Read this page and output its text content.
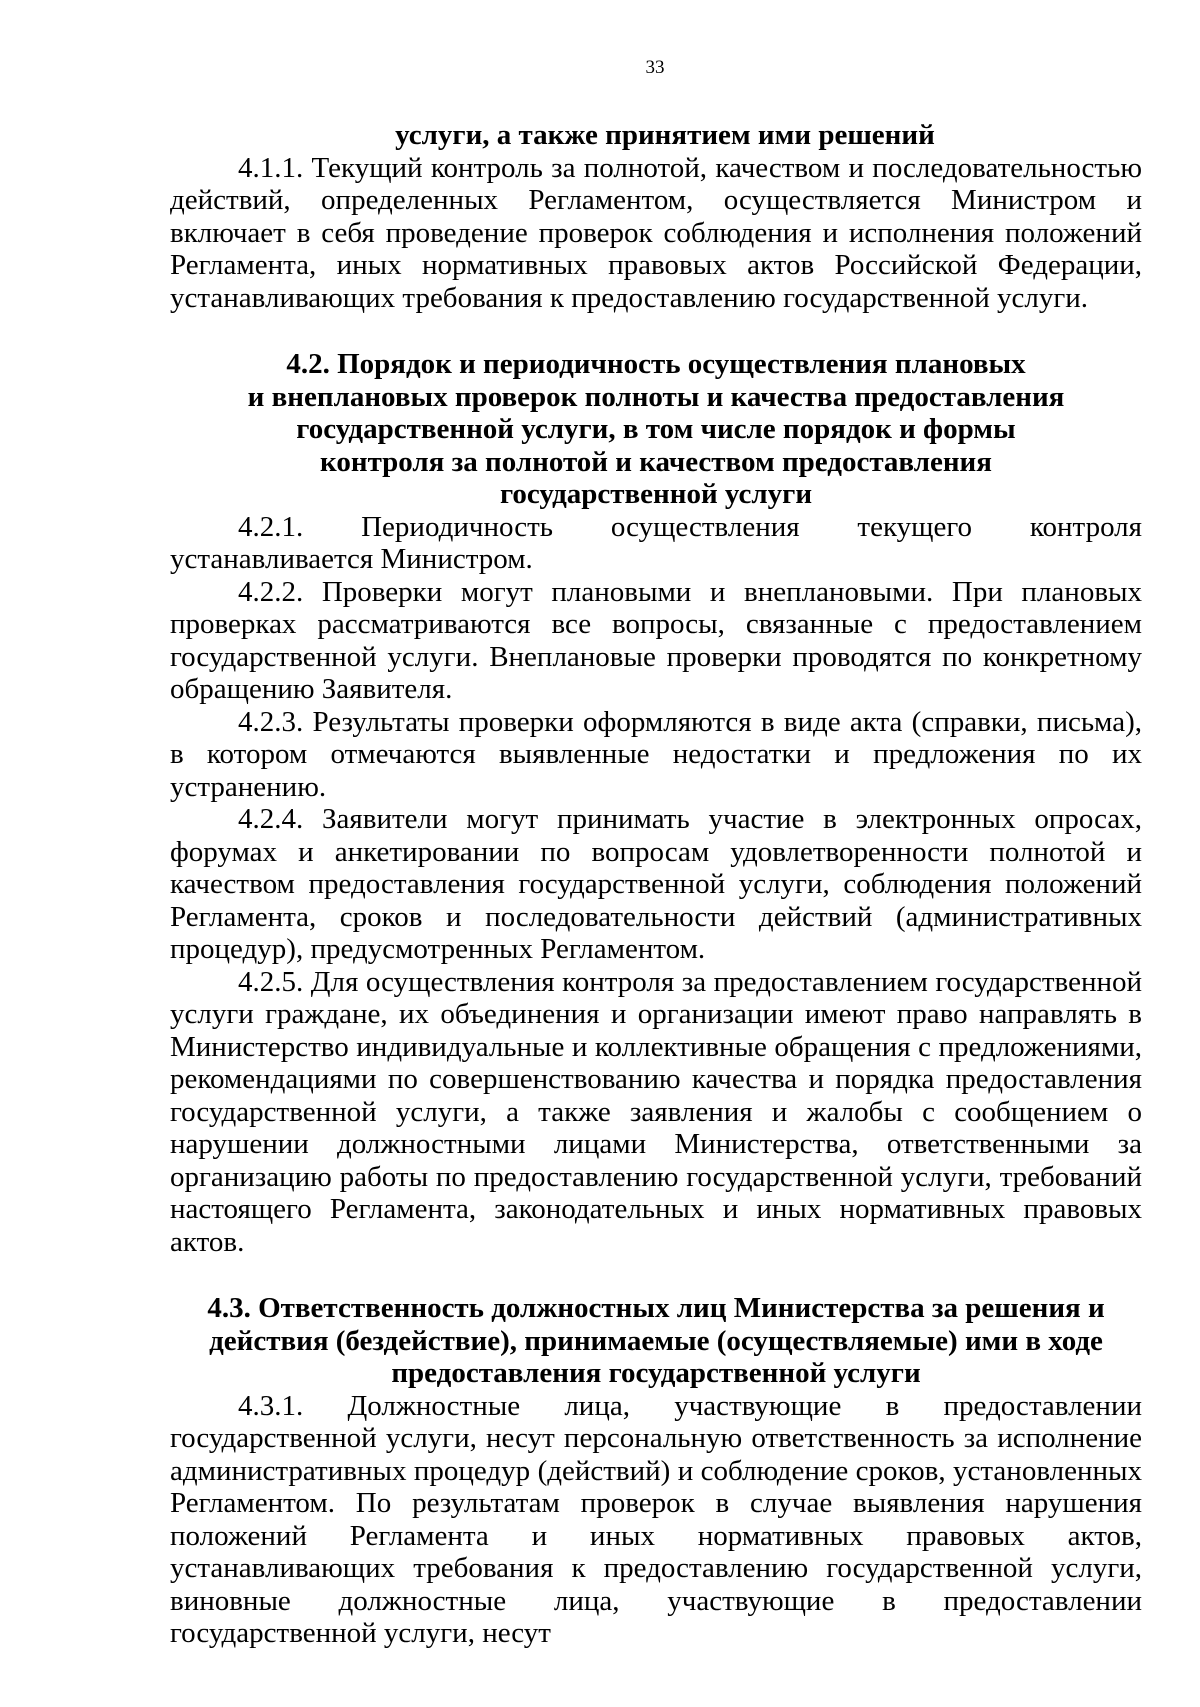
33

услуги, а также принятием ими решений

4.1.1. Текущий контроль за полнотой, качеством и последовательностью действий, определенных Регламентом, осуществляется Министром и включает в себя проведение проверок соблюдения и исполнения положений Регламента, иных нормативных правовых актов Российской Федерации, устанавливающих требования к предоставлению государственной услуги.

4.2. Порядок и периодичность осуществления плановых
и внеплановых проверок полноты и качества предоставления
государственной услуги, в том числе порядок и формы
контроля за полнотой и качеством предоставления
государственной услуги

4.2.1. Периодичность осуществления текущего контроля устанавливается Министром.

4.2.2. Проверки могут плановыми и внеплановыми. При плановых проверках рассматриваются все вопросы, связанные с предоставлением государственной услуги. Внеплановые проверки проводятся по конкретному обращению Заявителя.

4.2.3. Результаты проверки оформляются в виде акта (справки, письма), в котором отмечаются выявленные недостатки и предложения по их устранению.

4.2.4. Заявители могут принимать участие в электронных опросах, форумах и анкетировании по вопросам удовлетворенности полнотой и качеством предоставления государственной услуги, соблюдения положений Регламента, сроков и последовательности действий (административных процедур), предусмотренных Регламентом.

4.2.5. Для осуществления контроля за предоставлением государственной услуги граждане, их объединения и организации имеют право направлять в Министерство индивидуальные и коллективные обращения с предложениями, рекомендациями по совершенствованию качества и порядка предоставления государственной услуги, а также заявления и жалобы с сообщением о нарушении должностными лицами Министерства, ответственными за организацию работы по предоставлению государственной услуги, требований настоящего Регламента, законодательных и иных нормативных правовых актов.

4.3. Ответственность должностных лиц Министерства за решения и
действия (бездействие), принимаемые (осуществляемые) ими в ходе
предоставления государственной услуги

4.3.1. Должностные лица, участвующие в предоставлении государственной услуги, несут персональную ответственность за исполнение административных процедур (действий) и соблюдение сроков, установленных Регламентом. По результатам проверок в случае выявления нарушения положений Регламента и иных нормативных правовых актов, устанавливающих требования к предоставлению государственной услуги, виновные должностные лица, участвующие в предоставлении государственной услуги, несут
